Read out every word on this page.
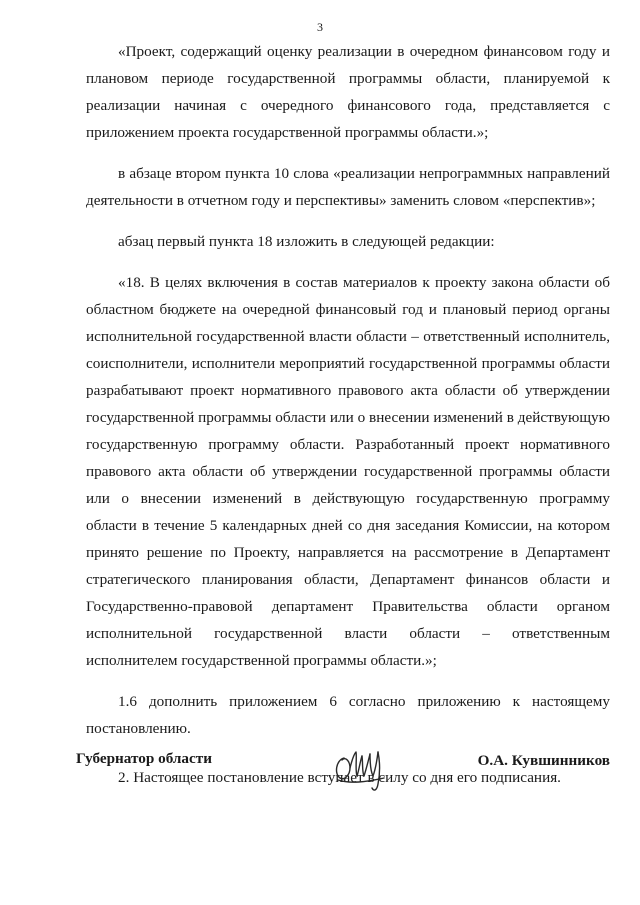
3

«Проект, содержащий оценку реализации в очередном финансовом году и плановом периоде государственной программы области, планируемой к реализации начиная с очередного финансового года, представляется с приложением проекта государственной программы области.»;

в абзаце втором пункта 10 слова «реализации непрограммных направлений деятельности в отчетном году и перспективы» заменить словом «перспектив»;

абзац первый пункта 18 изложить в следующей редакции:

«18. В целях включения в состав материалов к проекту закона области об областном бюджете на очередной финансовый год и плановый период органы исполнительной государственной власти области – ответственный исполнитель, соисполнители, исполнители мероприятий государственной программы области разрабатывают проект нормативного правового акта области об утверждении государственной программы области или о внесении изменений в действующую государственную программу области. Разработанный проект нормативного правового акта области об утверждении государственной программы области или о внесении изменений в действующую государственную программу области в течение 5 календарных дней со дня заседания Комиссии, на котором принято решение по Проекту, направляется на рассмотрение в Департамент стратегического планирования области, Департамент финансов области и Государственно-правовой департамент Правительства области органом исполнительной государственной власти области – ответственным исполнителем государственной программы области.»;

1.6 дополнить приложением 6 согласно приложению к настоящему постановлению.

2. Настоящее постановление вступает в силу со дня его подписания.

Губернатор области	О.А. Кувшинников
